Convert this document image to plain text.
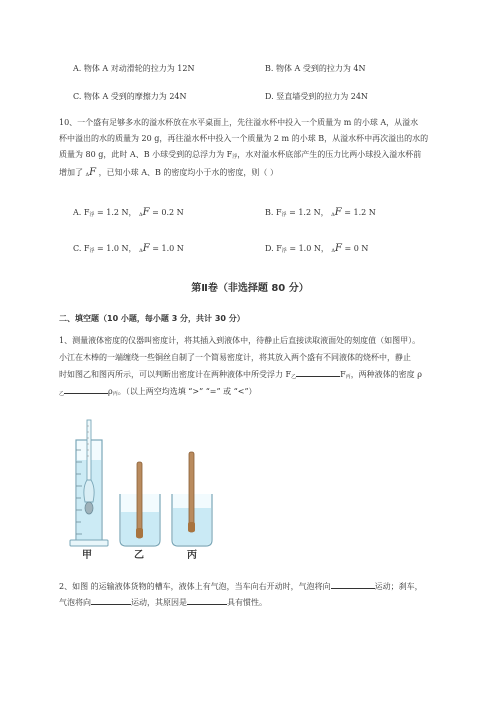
A. 物体 A 对动滑轮的拉力为 12N	B. 物体 A 受到的拉力为 4N
C. 物体 A 受到的摩擦力为 24N	D. 竖直墙受到的拉力为 24N
10、一个盛有足够多水的溢水杯放在水平桌面上，先往溢水杯中投入一个质量为 m 的小球 A，从溢水
杯中溢出的水的质量为 20 g，再往溢水杯中投入一个质量为 2 m 的小球 B，从溢水杯中再次溢出的水的
质量为 80 g，此时 A、B 小球受到的总浮力为 $F_浮$，水对溢水杯底部产生的压力比两小球投入溢水杯前
增加了 $_\Delta$F ，已知小球 A、B 的密度均小于水的密度，则（ ）
A. $F_浮 = 1.2$ N， $_\Delta$F = 0.2 N	B. $F_浮 = 1.2$ N， $_\Delta$F = 1.2 N
C. $F_浮 = 1.0$ N， $_\Delta$F = 1.0 N	D. $F_浮 = 1.0$ N， $_\Delta$F = 0 N
第Ⅱ卷（非选择题 80 分）
二、填空题（10 小题，每小题 3 分，共计 30 分）
1、测量液体密度的仪器叫密度计，将其插入到液体中，待静止后直接读取液面处的刻度值（如图甲）。
小江在木棒的一端缠绕一些铜丝自制了一个简易密度计，将其放入两个盛有不同液体的烧杯中，静止
时如图乙和图丙所示，可以判断出密度计在两种液体中所受浮力 $F_乙$	$F_丙$，两种液体的密度 ρ
$_乙$	$\rho_丙$。（以上两空均选填 “>” “=” 或 “<”）
甲	乙	丙
2、如图 的运输液体货物的槽车，液体上有气泡，当车向右开动时，气泡将向	运动；刹车，
气泡将向	运动，其原因是	具有惯性。
